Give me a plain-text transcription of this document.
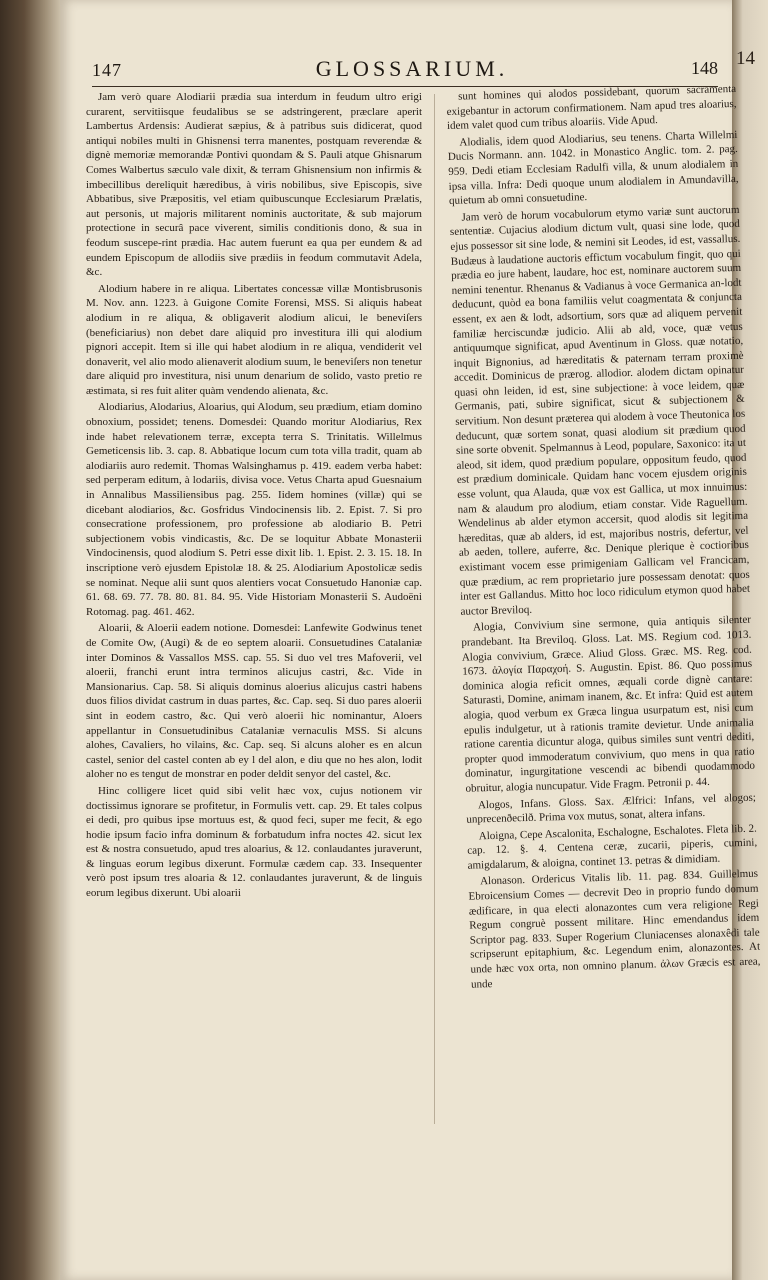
14
147	GLOSSARIUM.	148

Jam verò quare Alodiarii prædia sua interdum in feudum ultro erigi curarent, servitiisque feudalibus se se adstringerent, præclare aperit Lambertus Ardensis: Audierat sæpius, & à patribus suis didicerat, quod antiqui nobiles multi in Ghisnensi terra manentes, postquam reverendæ & dignè memoriæ memorandæ Pontivi quondam & S. Pauli atque Ghisnarum Comes Walbertus sæculo vale dixit, & terram Ghisnensium non infirmis & imbecillibus dereliquit hæredibus, à viris nobilibus, sive Episcopis, sive Abbatibus, sive Præpositis, vel etiam quibuscunque Ecclesiarum Prælatis, aut personis, ut majoris militarent nominis auctoritate, & sub majorum protectione in securâ pace viverent, similis conditionis dono, & sua in feodum suscepe-rint prædia. Hac autem fuerunt ea qua per eundem & ad eundem Episcopum de allodiis sive prædiis in feodum commutavit Adela, &c.

Alodium habere in re aliqua. Libertates concessæ villæ Montisbrusonis M. Nov. ann. 1223. à Guigone Comite Forensi, MSS. Si aliquis habeat alodium in re aliqua, & obligaverit alodium alicui, le beneviſers (beneficiarius) non debet dare aliquid pro investitura illi qui alodium pignori accepit. Item si ille qui habet alodium in re aliqua, vendiderit vel donaverit, vel alio modo alienaverit alodium suum, le beneviſers non tenetur dare aliquid pro investitura, nisi unum denarium de solido, vasto pretio re æstimata, si res fuit aliter quàm vendendo alienata, &c.

Alodiarius, Alodarius, Aloarius, qui Alodum, seu prædium, etiam domino obnoxium, possidet; tenens. Domesdei: Quando moritur Alodiarius, Rex inde habet relevationem terræ, excepta terra S. Trinitatis. Willelmus Gemeticensis lib. 3. cap. 8. Abbatique locum cum tota villa tradit, quam ab alodiariis auro redemit. Thomas Walsinghamus p. 419. eadem verba habet: sed perperam editum, à lodariis, divisa voce. Vetus Charta apud Guesnaium in Annalibus Massiliensibus pag. 255. Iidem homines (villæ) qui se dicebant alodiarios, &c. Gosfridus Vindocinensis lib. 2. Epist. 7. Si pro consecratione professionem, pro professione ab alodiario B. Petri subjectionem vobis vindicastis, &c. De se loquitur Abbate Monasterii Vindocinensis, quod alodium S. Petri esse dixit lib. 1. Epist. 2. 3. 15. 18. In inscriptione verò ejusdem Epistolæ 18. & 25. Alodiarium Apostolicæ sedis se nominat. Neque alii sunt quos alentiers vocat Consuetudo Hanoniæ cap. 61. 68. 69. 77. 78. 80. 81. 84. 95. Vide Historiam Monasterii S. Audoëni Rotomag. pag. 461. 462.

Aloarii, & Aloerii eadem notione. Domesdei: Lanfewite Godwinus tenet de Comite Ow, (Augi) & de eo septem aloarii. Consuetudines Catalaniæ inter Dominos & Vassallos MSS. cap. 55. Si duo vel tres Mafoverii, vel aloerii, franchi erunt intra terminos alicujus castri, &c. Vide in Mansionarius. Cap. 58. Si aliquis dominus aloerius alicujus castri habens duos filios dividat castrum in duas partes, &c. Cap. seq. Si duo pares aloerii sint in eodem castro, &c. Qui verò aloerii hic nominantur, Aloers appellantur in Consuetudinibus Catalaniæ vernaculis MSS. Si alcuns alohes, Cavaliers, ho vilains, &c. Cap. seq. Si alcuns aloher es en alcun castel, senior del castel conten ab ey l del alon, e diu que no hes alon, lodit aloher no es tengut de monstrar en poder deldit senyor del castel, &c.

Hinc colligere licet quid sibi velit hæc vox, cujus notionem vir doctissimus ignorare se profitetur, in Formulis vett. cap. 29. Et tales colpus ei dedi, pro quibus ipse mortuus est, & quod feci, super me fecit, & ego hodie ipsum facio infra dominum & forbatudum infra noctes 42. sicut lex est & nostra consuetudo, apud tres aloarius, & 12. conlaudantes juraverunt, & linguas eorum legibus dixerunt. Formulæ cædem cap. 33. Insequenter verò post ipsum tres aloaria & 12. conlaudantes juraverunt, & de linguis eorum legibus dixerunt. Ubi aloarii

sunt homines qui alodos possidebant, quorum sacramenta exigebantur in actorum confirmationem. Nam apud tres aloarius, idem valet quod cum tribus aloariis. Vide Apud.

Alodialis, idem quod Alodiarius, seu tenens. Charta Willelmi Ducis Normann. ann. 1042. in Monastico Anglic. tom. 2. pag. 959. Dedi etiam Ecclesiam Radulfi villa, & unum alodialem in ipsa villa. Infra: Dedi quoque unum alodialem in Amundavilla, quietum ab omni consuetudine.

Jam verò de horum vocabulorum etymo variæ sunt auctorum sententiæ. Cujacius alodium dictum vult, quasi sine lode, quod ejus possessor sit sine lode, & nemini sit Leodes, id est, vassallus. Budæus à laudatione auctoris effictum vocabulum fingit, quo qui prædia eo jure habent, laudare, hoc est, nominare auctorem suum nemini tenentur. Rhenanus & Vadianus à voce Germanica an-lodt deducunt, quòd ea bona familiis velut coagmentata & conjuncta essent, ex aen & lodt, adsortium, sors quæ ad aliquem pervenit familiæ herciscundæ judicio. Alii ab ald, voce, quæ vetus antiquumque significat, apud Aventinum in Gloss. quæ notatio, inquit Bignonius, ad hæreditatis & paternam terram proximè accedit. Dominicus de prærog. allodior. alodem dictam opinatur quasi ohn leiden, id est, sine subjectione: à voce leidem, quæ Germanis, pati, subire significat, sicut & subjectionem & servitium. Non desunt præterea qui alodem à voce Theutonica los deducunt, quæ sortem sonat, quasi alodium sit prædium quod sine sorte obvenit. Spelmannus à Leod, populare, Saxonico: ita ut aleod, sit idem, quod prædium populare, oppositum feudo, quod est prædium dominicale. Quidam hanc vocem ejusdem originis esse volunt, qua Alauda, quæ vox est Gallica, ut mox innuimus: nam & alaudum pro alodium, etiam constar. Vide Raguellum. Wendelinus ab alder etymon accersit, quod alodis sit legitima hæreditas, quæ ab alders, id est, majoribus nostris, defertur, vel ab aeden, tollere, auferre, &c. Denique plerique è coctioribus existimant vocem esse primigeniam Gallicam vel Francicam, quæ prædium, ac rem proprietario jure possessam denotat: quos inter est Gallandus. Mitto hoc loco ridiculum etymon quod habet auctor Breviloq.

Alogia, Convivium sine sermone, quia antiquis silenter prandebant. Ita Breviloq. Gloss. Lat. MS. Regium cod. 1013. Alogia convivium, Græce. Aliud Gloss. Græc. MS. Reg. cod. 1673. ἀλογία Παραχοή. S. Augustin. Epist. 86. Quo possimus dominica alogia reficit omnes, æquali corde dignè cantare: Saturasti, Domine, animam inanem, &c. Et infra: Quid est autem alogia, quod verbum ex Græca lingua usurpatum est, nisi cum epulis indulgetur, ut à rationis tramite devietur. Unde animalia ratione carentia dicuntur aloga, quibus similes sunt ventri dediti, propter quod immoderatum convivium, quo mens in qua ratio dominatur, ingurgitatione vescendi ac bibendi quodammodo obruitur, alogia nuncupatur. Vide Fragm. Petronii p. 44.

Alogos, Infans. Gloss. Sax. Ælfrici: Infans, vel alogos; unprecenðecilð. Prima vox mutus, sonat, altera infans.

Aloigna, Cepe Ascalonita, Eschalogne, Eschalotes. Fleta lib. 2. cap. 12. §. 4. Centena ceræ, zucarii, piperis, cumini, amigdalarum, & aloigna, continet 13. petras & dimidiam.

Alonason. Ordericus Vitalis lib. 11. pag. 834. Guillelmus Ebroicensium Comes — decrevit Deo in proprio fundo domum ædificare, in qua electi alonazontes cum vera religione Regi Regum congruè possent militare. Hinc emendandus idem Scriptor pag. 833. Super Rogerium Cluniacenses alonaxêdi tale scripserunt epitaphium, &c. Legendum enim, alonazontes. At unde hæc vox orta, non omnino planum. ἀλων Græcis est area, unde
